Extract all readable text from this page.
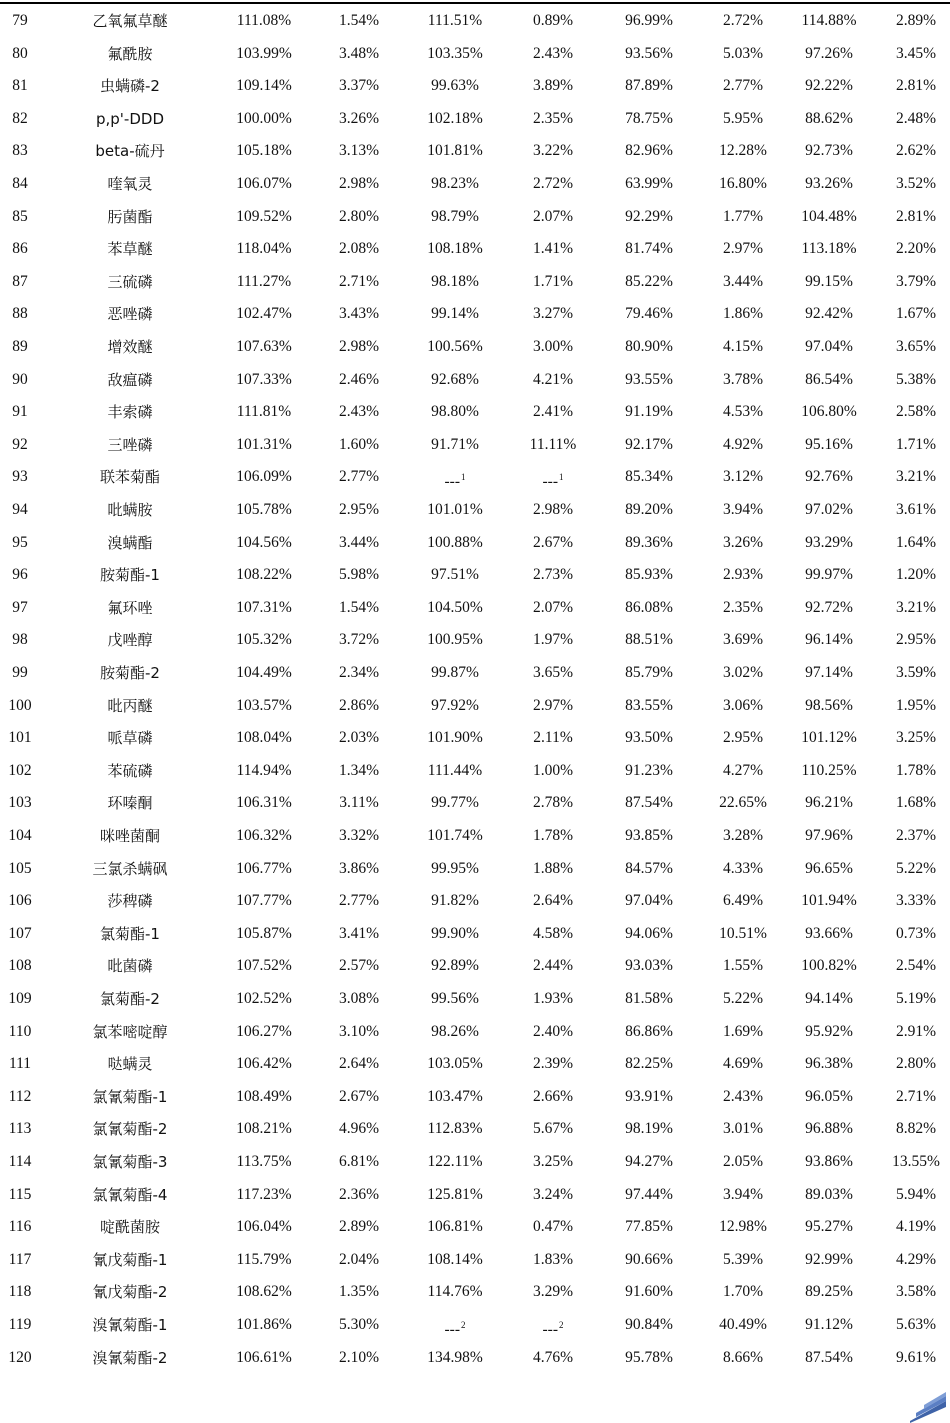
79	乙氧氟草醚	111.08%	1.54%	111.51%	0.89%	96.99%	2.72%	114.88%	2.89%
80	氟酰胺	103.99%	3.48%	103.35%	2.43%	93.56%	5.03%	97.26%	3.45%
81	虫螨磷-2	109.14%	3.37%	99.63%	3.89%	87.89%	2.77%	92.22%	2.81%
82	p,p'-DDD	100.00%	3.26%	102.18%	2.35%	78.75%	5.95%	88.62%	2.48%
83	beta-硫丹	105.18%	3.13%	101.81%	3.22%	82.96%	12.28%	92.73%	2.62%
84	喹氧灵	106.07%	2.98%	98.23%	2.72%	63.99%	16.80%	93.26%	3.52%
85	肟菌酯	109.52%	2.80%	98.79%	2.07%	92.29%	1.77%	104.48%	2.81%
86	苯草醚	118.04%	2.08%	108.18%	1.41%	81.74%	2.97%	113.18%	2.20%
87	三硫磷	111.27%	2.71%	98.18%	1.71%	85.22%	3.44%	99.15%	3.79%
88	恶唑磷	102.47%	3.43%	99.14%	3.27%	79.46%	1.86%	92.42%	1.67%
89	增效醚	107.63%	2.98%	100.56%	3.00%	80.90%	4.15%	97.04%	3.65%
90	敌瘟磷	107.33%	2.46%	92.68%	4.21%	93.55%	3.78%	86.54%	5.38%
91	丰索磷	111.81%	2.43%	98.80%	2.41%	91.19%	4.53%	106.80%	2.58%
92	三唑磷	101.31%	1.60%	91.71%	11.11%	92.17%	4.92%	95.16%	1.71%
93	联苯菊酯	106.09%	2.77%	---$^1$	---$^1$	85.34%	3.12%	92.76%	3.21%
94	吡螨胺	105.78%	2.95%	101.01%	2.98%	89.20%	3.94%	97.02%	3.61%
95	溴螨酯	104.56%	3.44%	100.88%	2.67%	89.36%	3.26%	93.29%	1.64%
96	胺菊酯-1	108.22%	5.98%	97.51%	2.73%	85.93%	2.93%	99.97%	1.20%
97	氟环唑	107.31%	1.54%	104.50%	2.07%	86.08%	2.35%	92.72%	3.21%
98	戊唑醇	105.32%	3.72%	100.95%	1.97%	88.51%	3.69%	96.14%	2.95%
99	胺菊酯-2	104.49%	2.34%	99.87%	3.65%	85.79%	3.02%	97.14%	3.59%
100	吡丙醚	103.57%	2.86%	97.92%	2.97%	83.55%	3.06%	98.56%	1.95%
101	哌草磷	108.04%	2.03%	101.90%	2.11%	93.50%	2.95%	101.12%	3.25%
102	苯硫磷	114.94%	1.34%	111.44%	1.00%	91.23%	4.27%	110.25%	1.78%
103	环嗪酮	106.31%	3.11%	99.77%	2.78%	87.54%	22.65%	96.21%	1.68%
104	咪唑菌酮	106.32%	3.32%	101.74%	1.78%	93.85%	3.28%	97.96%	2.37%
105	三氯杀螨砜	106.77%	3.86%	99.95%	1.88%	84.57%	4.33%	96.65%	5.22%
106	莎稗磷	107.77%	2.77%	91.82%	2.64%	97.04%	6.49%	101.94%	3.33%
107	氯菊酯-1	105.87%	3.41%	99.90%	4.58%	94.06%	10.51%	93.66%	0.73%
108	吡菌磷	107.52%	2.57%	92.89%	2.44%	93.03%	1.55%	100.82%	2.54%
109	氯菊酯-2	102.52%	3.08%	99.56%	1.93%	81.58%	5.22%	94.14%	5.19%
110	氯苯嘧啶醇	106.27%	3.10%	98.26%	2.40%	86.86%	1.69%	95.92%	2.91%
111	哒螨灵	106.42%	2.64%	103.05%	2.39%	82.25%	4.69%	96.38%	2.80%
112	氯氰菊酯-1	108.49%	2.67%	103.47%	2.66%	93.91%	2.43%	96.05%	2.71%
113	氯氰菊酯-2	108.21%	4.96%	112.83%	5.67%	98.19%	3.01%	96.88%	8.82%
114	氯氰菊酯-3	113.75%	6.81%	122.11%	3.25%	94.27%	2.05%	93.86%	13.55%
115	氯氰菊酯-4	117.23%	2.36%	125.81%	3.24%	97.44%	3.94%	89.03%	5.94%
116	啶酰菌胺	106.04%	2.89%	106.81%	0.47%	77.85%	12.98%	95.27%	4.19%
117	氰戊菊酯-1	115.79%	2.04%	108.14%	1.83%	90.66%	5.39%	92.99%	4.29%
118	氰戊菊酯-2	108.62%	1.35%	114.76%	3.29%	91.60%	1.70%	89.25%	3.58%
119	溴氰菊酯-1	101.86%	5.30%	---$^2$	---$^2$	90.84%	40.49%	91.12%	5.63%
120	溴氰菊酯-2	106.61%	2.10%	134.98%	4.76%	95.78%	8.66%	87.54%	9.61%
